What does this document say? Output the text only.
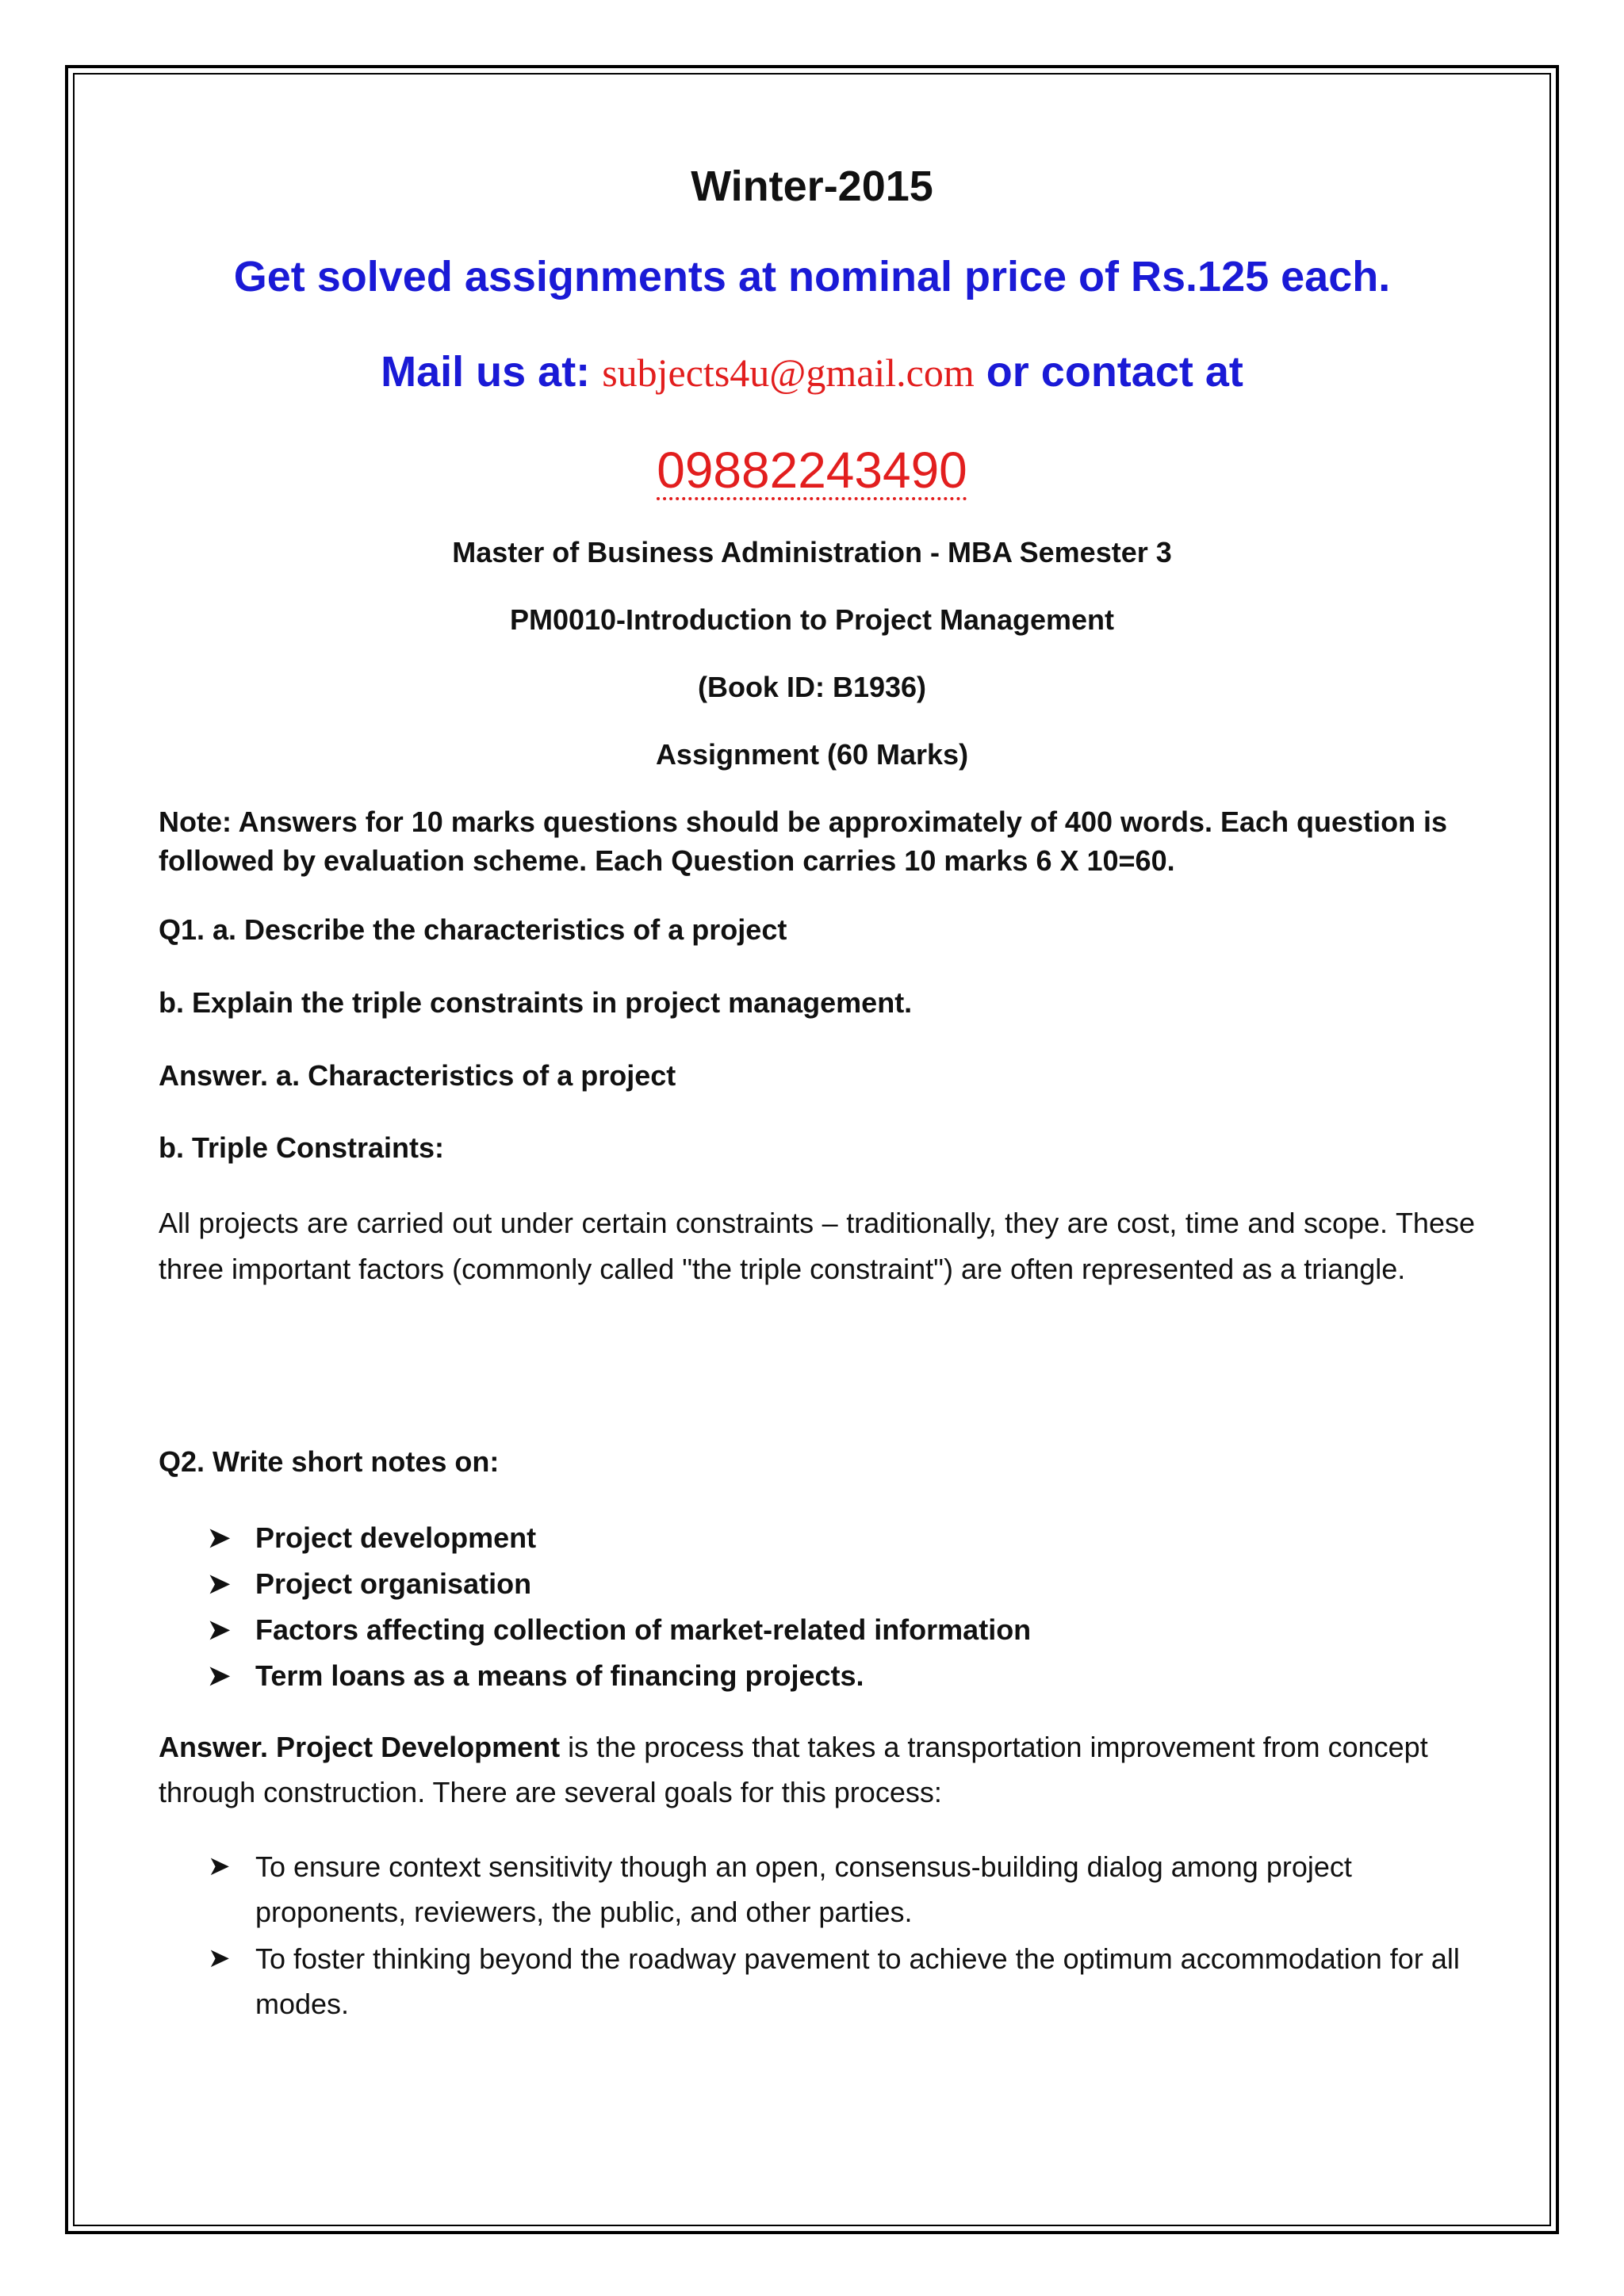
Winter-2015
Get solved assignments at nominal price of Rs.125 each.

Mail us at: subjects4u@gmail.com or contact at

09882243490

Master of Business Administration - MBA Semester 3

PM0010-Introduction to Project Management

(Book ID: B1936)

Assignment (60 Marks)

Note: Answers for 10 marks questions should be approximately of 400 words. Each question is followed by evaluation scheme. Each Question carries 10 marks 6 X 10=60.

Q1. a. Describe the characteristics of a project

b. Explain the triple constraints in project management.

Answer. a. Characteristics of a project

b. Triple Constraints:

All projects are carried out under certain constraints – traditionally, they are cost, time and scope. These three important factors (commonly called "the triple constraint") are often represented as a triangle.

Q2. Write short notes on:

➤ Project development
➤ Project organisation
➤ Factors affecting collection of market-related information
➤ Term loans as a means of financing projects.

Answer. Project Development is the process that takes a transportation improvement from concept through construction. There are several goals for this process:

➤ To ensure context sensitivity though an open, consensus-building dialog among project proponents, reviewers, the public, and other parties.
➤ To foster thinking beyond the roadway pavement to achieve the optimum accommodation for all modes.
